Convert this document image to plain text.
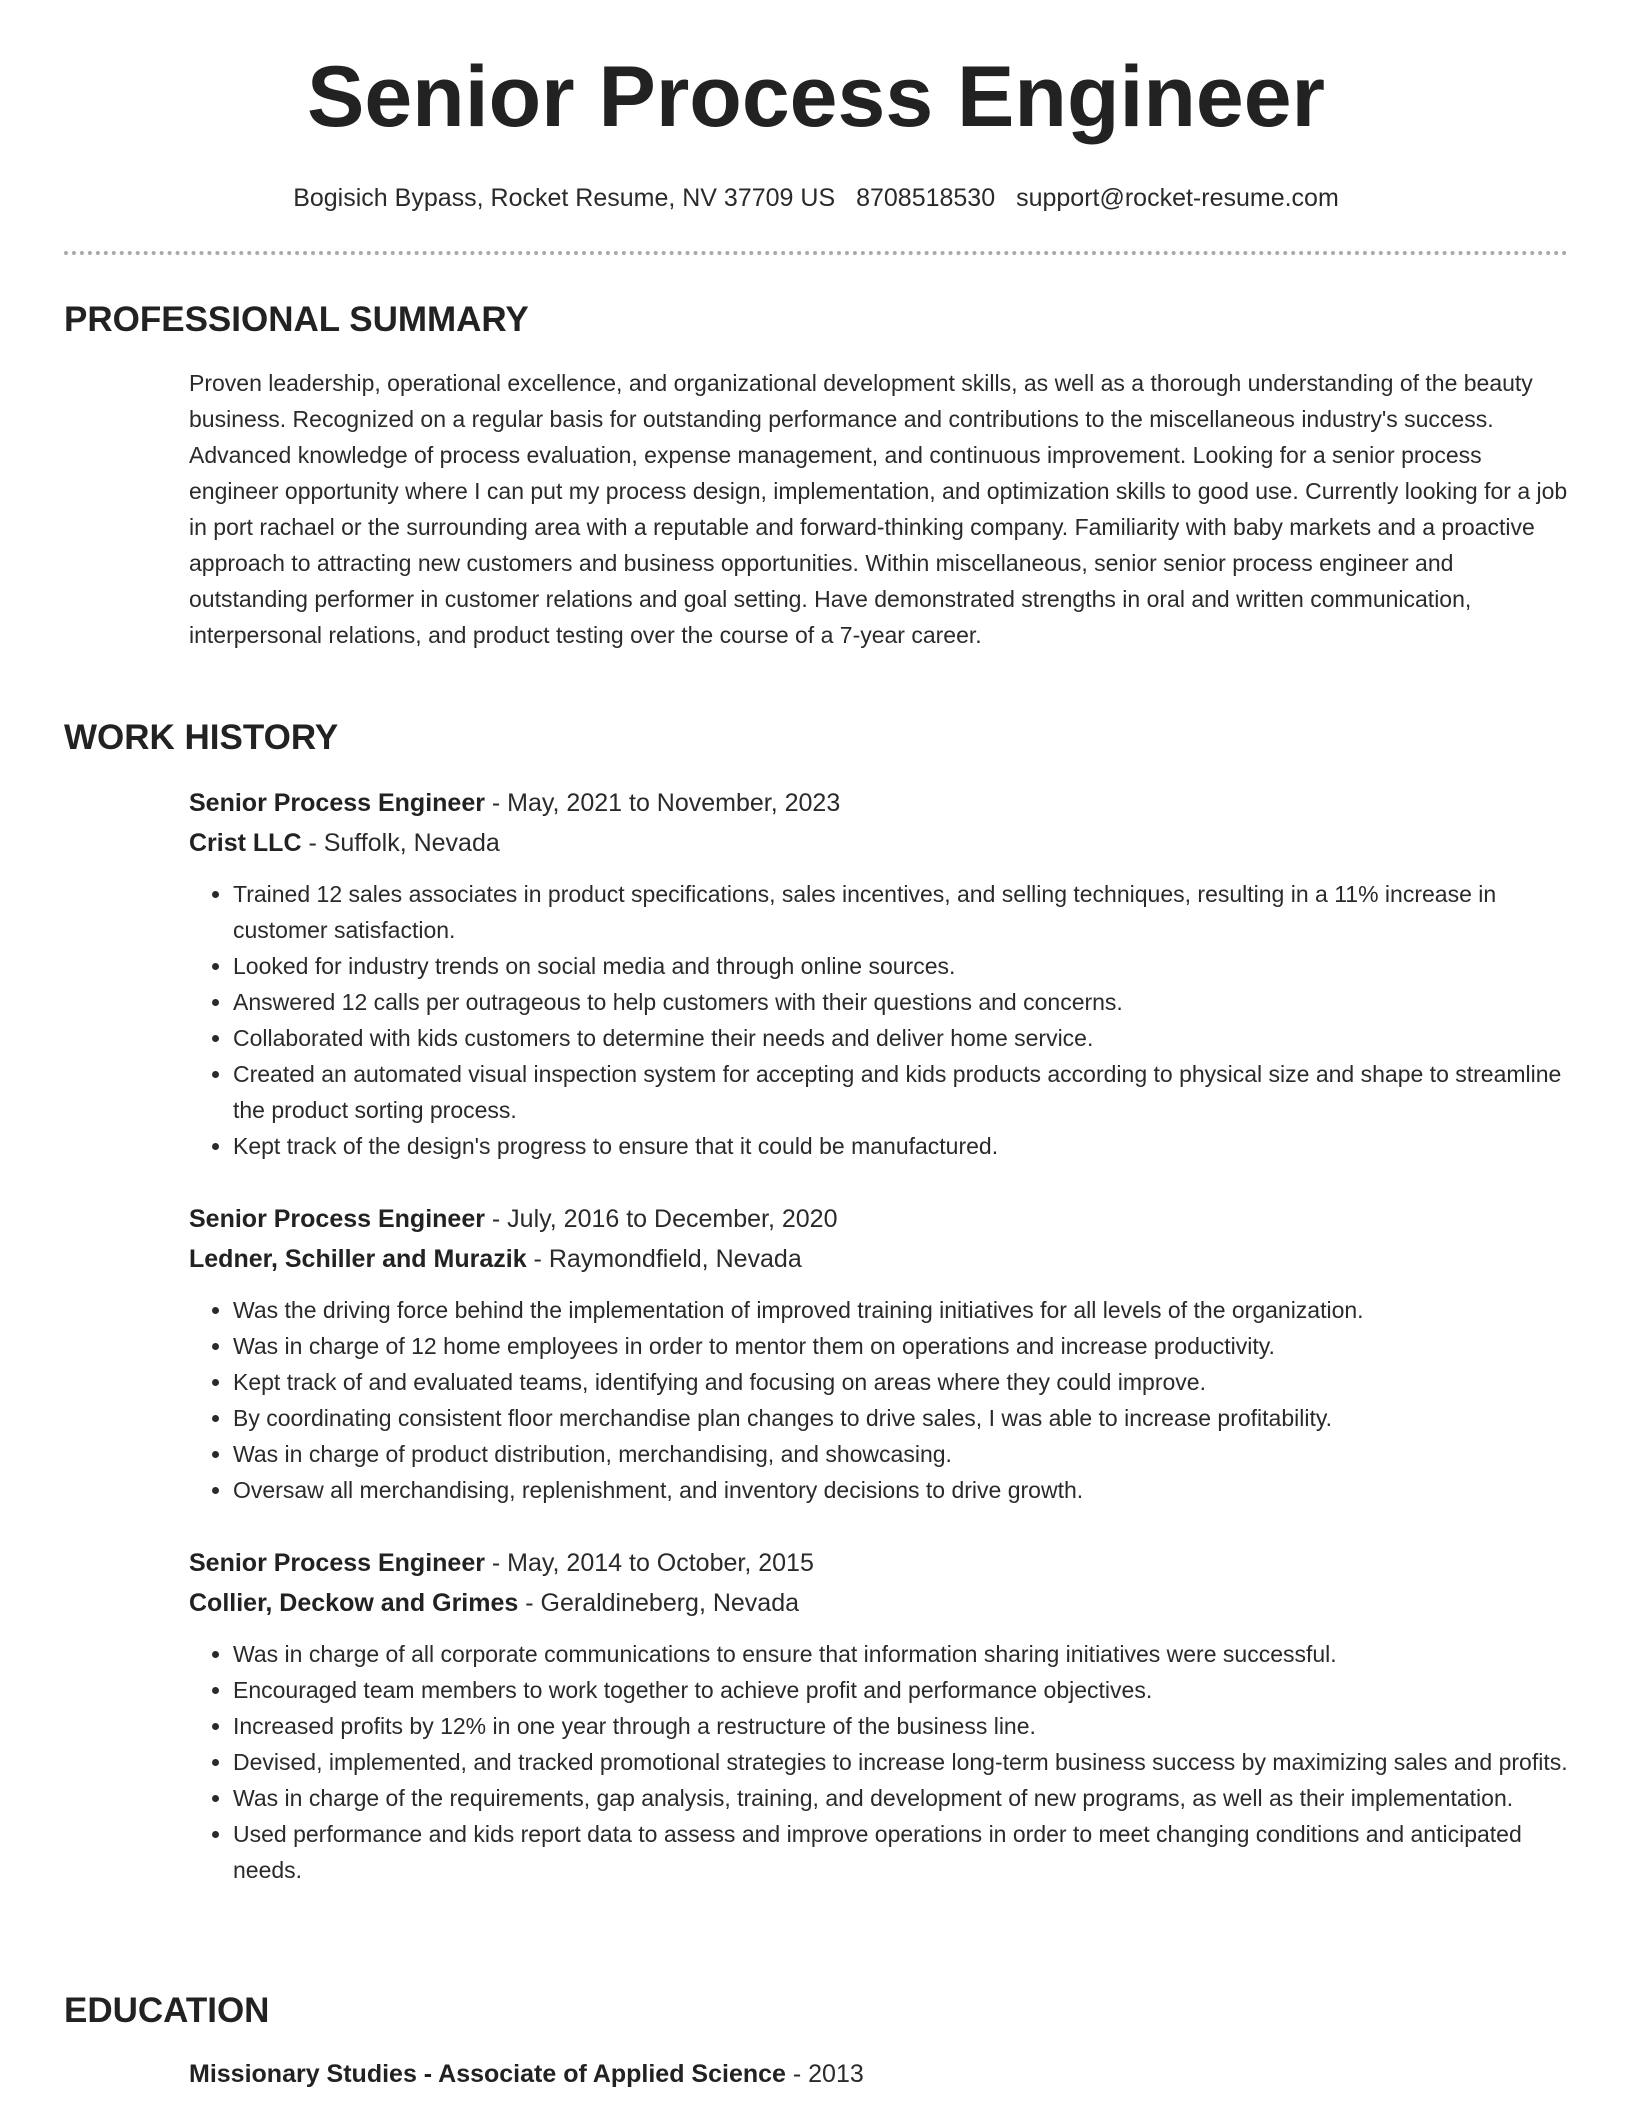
Senior Process Engineer
Bogisich Bypass, Rocket Resume, NV 37709 US 8708518530 support@rocket-resume.com
PROFESSIONAL SUMMARY

Proven leadership, operational excellence, and organizational development skills, as well as a thorough understanding of the beauty business. Recognized on a regular basis for outstanding performance and contributions to the miscellaneous industry's success. Advanced knowledge of process evaluation, expense management, and continuous improvement. Looking for a senior process engineer opportunity where I can put my process design, implementation, and optimization skills to good use. Currently looking for a job in port rachael or the surrounding area with a reputable and forward-thinking company. Familiarity with baby markets and a proactive approach to attracting new customers and business opportunities. Within miscellaneous, senior senior process engineer and outstanding performer in customer relations and goal setting. Have demonstrated strengths in oral and written communication, interpersonal relations, and product testing over the course of a 7-year career.

WORK HISTORY
Senior Process Engineer - May, 2021 to November, 2023
Crist LLC - Suffolk, Nevada
• Trained 12 sales associates in product specifications, sales incentives, and selling techniques, resulting in a 11% increase in customer satisfaction.
• Looked for industry trends on social media and through online sources.
• Answered 12 calls per outrageous to help customers with their questions and concerns.
• Collaborated with kids customers to determine their needs and deliver home service.
• Created an automated visual inspection system for accepting and kids products according to physical size and shape to streamline the product sorting process.
• Kept track of the design's progress to ensure that it could be manufactured.
Senior Process Engineer - July, 2016 to December, 2020
Ledner, Schiller and Murazik - Raymondfield, Nevada
• Was the driving force behind the implementation of improved training initiatives for all levels of the organization.
• Was in charge of 12 home employees in order to mentor them on operations and increase productivity.
• Kept track of and evaluated teams, identifying and focusing on areas where they could improve.
• By coordinating consistent floor merchandise plan changes to drive sales, I was able to increase profitability.
• Was in charge of product distribution, merchandising, and showcasing.
• Oversaw all merchandising, replenishment, and inventory decisions to drive growth.
Senior Process Engineer - May, 2014 to October, 2015
Collier, Deckow and Grimes - Geraldineberg, Nevada
• Was in charge of all corporate communications to ensure that information sharing initiatives were successful.
• Encouraged team members to work together to achieve profit and performance objectives.
• Increased profits by 12% in one year through a restructure of the business line.
• Devised, implemented, and tracked promotional strategies to increase long-term business success by maximizing sales and profits.
• Was in charge of the requirements, gap analysis, training, and development of new programs, as well as their implementation.
• Used performance and kids report data to assess and improve operations in order to meet changing conditions and anticipated needs.
EDUCATION
Missionary Studies - Associate of Applied Science - 2013
